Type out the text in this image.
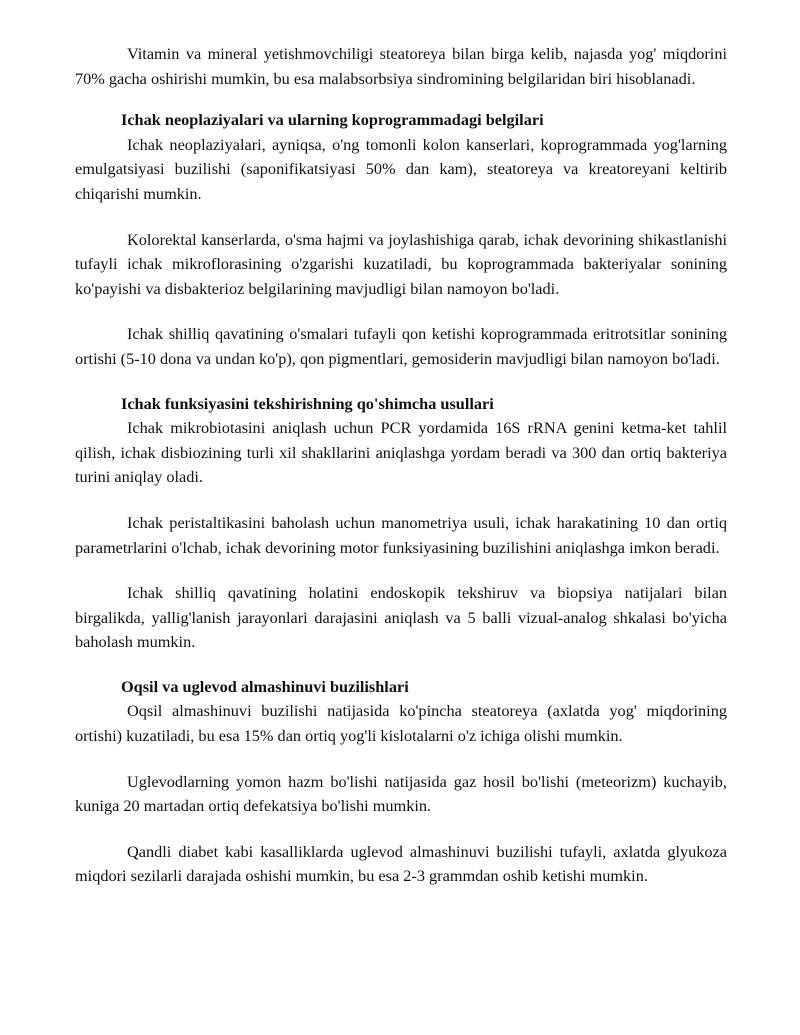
Vitamin va mineral yetishmovchiligi steatoreya bilan birga kelib, najasda yog' miqdorini 70% gacha oshirishi mumkin, bu esa malabsorbsiya sindromining belgilaridan biri hisoblanadi.

Ichak neoplaziyalari va ularning koprogrammadagi belgilari

Ichak neoplaziyalari, ayniqsa, o'ng tomonli kolon kanserlari, koprogrammada yog'larning emulgatsiyasi buzilishi (saponifikatsiyasi 50% dan kam), steatoreya va kreatoreyani keltirib chiqarishi mumkin.

Kolorektal kanserlarda, o'sma hajmi va joylashishiga qarab, ichak devorining shikastlanishi tufayli ichak mikroflorasining o'zgarishi kuzatiladi, bu koprogrammada bakteriyalar sonining ko'payishi va disbakterioz belgilarining mavjudligi bilan namoyon bo'ladi.

Ichak shilliq qavatining o'smalari tufayli qon ketishi koprogrammada eritrotsitlar sonining ortishi (5-10 dona va undan ko'p), qon pigmentlari, gemosiderin mavjudligi bilan namoyon bo'ladi.

Ichak funksiyasini tekshirishning qo'shimcha usullari

Ichak mikrobiotasini aniqlash uchun PCR yordamida 16S rRNA genini ketma-ket tahlil qilish, ichak disbiozining turli xil shakllarini aniqlashga yordam beradi va 300 dan ortiq bakteriya turini aniqlay oladi.

Ichak peristaltikasini baholash uchun manometriya usuli, ichak harakatining 10 dan ortiq parametrlarini o'lchab, ichak devorining motor funksiyasining buzilishini aniqlashga imkon beradi.

Ichak shilliq qavatining holatini endoskopik tekshiruv va biopsiya natijalari bilan birgalikda, yallig'lanish jarayonlari darajasini aniqlash va 5 balli vizual-analog shkalasi bo'yicha baholash mumkin.

Oqsil va uglevod almashinuvi buzilishlari

Oqsil almashinuvi buzilishi natijasida ko'pincha steatoreya (axlatda yog' miqdorining ortishi) kuzatiladi, bu esa 15% dan ortiq yog'li kislotalarni o'z ichiga olishi mumkin.

Uglevodlarning yomon hazm bo'lishi natijasida gaz hosil bo'lishi (meteorizm) kuchayib, kuniga 20 martadan ortiq defekatsiya bo'lishi mumkin.

Qandli diabet kabi kasalliklarda uglevod almashinuvi buzilishi tufayli, axlatda glyukoza miqdori sezilarli darajada oshishi mumkin, bu esa 2-3 grammdan oshib ketishi mumkin.
